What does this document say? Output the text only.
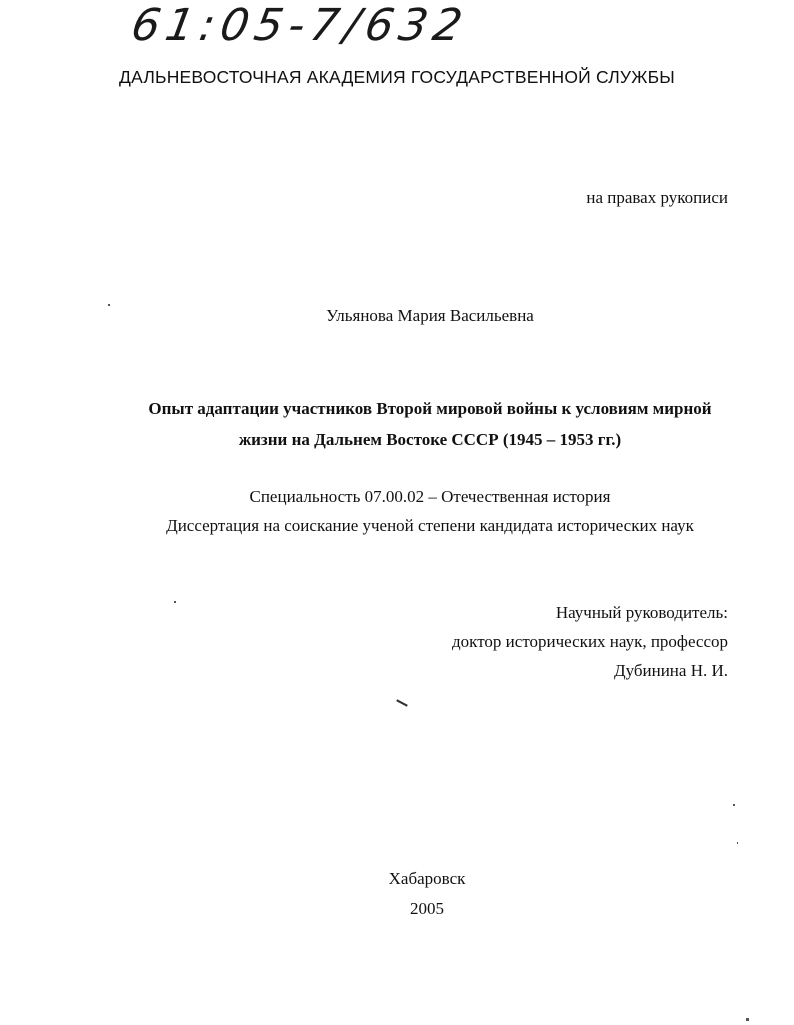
61:05-7/632
ДАЛЬНЕВОСТОЧНАЯ АКАДЕМИЯ ГОСУДАРСТВЕННОЙ СЛУЖБЫ
на правах рукописи
Ульянова Мария Васильевна
Опыт адаптации участников Второй мировой войны к условиям мирной
жизни на Дальнем Востоке СССР (1945 – 1953 гг.)
Специальность 07.00.02 – Отечественная история
Диссертация на соискание ученой степени кандидата исторических наук
Научный руководитель:
доктор исторических наук, профессор
Дубинина Н. И.
Хабаровск
2005
